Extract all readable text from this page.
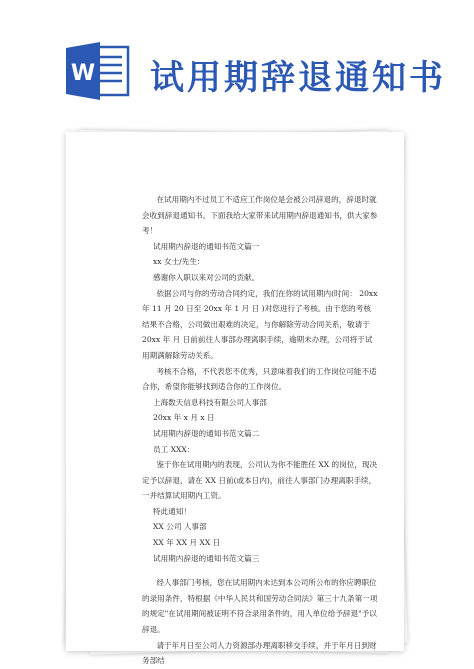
W 试用期辞退通知书

在试用期内不过员工不适应工作岗位是会被公司辞退的，辞退时就会收到辞退通知书。下面我给大家带来试用期内辞退通知书，供大家参考！

试用期内辞退的通知书范文篇一

xx 女士/先生：

感谢你入职以来对公司的贡献。

依据公司与你的劳动合同约定，我们在你的试用期内(时间： 20xx 年 11 月 20 日至 20xx 年 1 月 日 )对您进行了考核。由于您的考核结果不合格，公司做出艰难的决定，与你解除劳动合同关系，敬请于20xx 年 月 日前前往人事部办理离职手续，逾期未办理，公司将于试用期满解除劳动关系。

考核不合格，不代表您不优秀，只意味着我们的工作岗位可能不适合你，希望你能够找到适合你的工作岗位。

上海数天信息科技有限公司人事部

20xx 年 x 月 x 日

试用期内辞退的通知书范文篇二

员工 XXX：

鉴于你在试用期内的表现，公司认为你不能胜任 XX 的岗位，现决定予以辞退，请在 XX 日前(或本日内)，前往人事部门办理离职手续，一并结算试用期内工资。

特此通知！

XX 公司 人事部

XX 年 XX 月 XX 日

试用期内辞退的通知书范文篇三

经人事部门考核，您在试用期内未达到本公司所公布的你应聘职位的录用条件，特根据《中华人民共和国劳动合同法》第三十九条第一项的规定"在试用期间被证明不符合录用条件的，用人单位给予辞退"予以辞退。

请于年月日至公司人力资源部办理离职移交手续，并于年月日到财务部结
